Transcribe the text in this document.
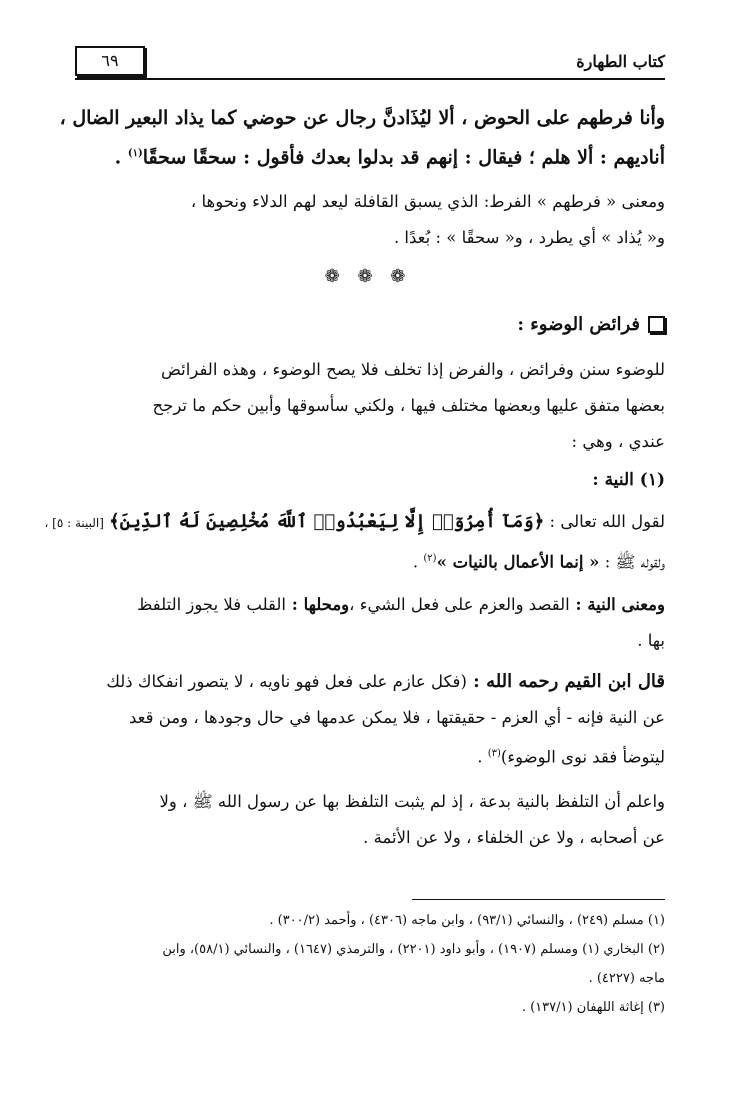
كتاب الطهارة
٦٩
وأنا فرطهم على الحوض ، ألا ليُذَادنَّ رجال عن حوضي كما يذاد البعير الضال ،
أناديهم : ألا هلم ؛ فيقال : إنهم قد بدلوا بعدك فأقول : سحقًا سحقًا$^{(١)}$ .
ومعنى « فرطهم » الفرط: الذي يسبق القافلة ليعد لهم الدلاء ونحوها ،
و« يُذاد » أي يطرد ، و« سحقًا » : بُعدًا .
❁ ❁ ❁
فرائض الوضوء :
للوضوء سنن وفرائض ، والفرض إذا تخلف فلا يصح الوضوء ، وهذه الفرائض
بعضها متفق عليها وبعضها مختلف فيها ، ولكني سأسوقها وأبين حكم ما ترجح
عندي ، وهي :
(١) النية :
لقول الله تعالى : ﴿وَمَآ أُمِرُوٓا۟ إِلَّا لِيَعْبُدُوا۟ ٱللَّهَ مُخْلِصِينَ لَهُ ٱلدِّينَ﴾ [البينة : ٥] ،
ولقوله ﷺ : « إنما الأعمال بالنيات »$^{(٢)}$ .
ومعنى النية : القصد والعزم على فعل الشيء ،ومحلها : القلب فلا يجوز التلفظ
بها .
قال ابن القيم رحمه الله : (فكل عازم على فعل فهو ناويه ، لا يتصور انفكاك ذلك
عن النية فإنه - أي العزم - حقيقتها ، فلا يمكن عدمها في حال وجودها ، ومن قعد
ليتوضأ فقد نوى الوضوء)$^{(٣)}$ .
واعلم أن التلفظ بالنية بدعة ، إذ لم يثبت التلفظ بها عن رسول الله ﷺ ، ولا
عن أصحابه ، ولا عن الخلفاء ، ولا عن الأئمة .

(١) مسلم (٢٤٩) ، والنسائي (٩٣/١) ، وابن ماجه (٤٣٠٦) ، وأحمد (٣٠٠/٢) .

(٢) البخاري (١) ومسلم (١٩٠٧) ، وأبو داود (٢٢٠١) ، والترمذي (١٦٤٧) ، والنسائي (٥٨/١)، وابن

ماجه (٤٢٢٧) .

(٣) إغاثة اللهفان (١٣٧/١) .
